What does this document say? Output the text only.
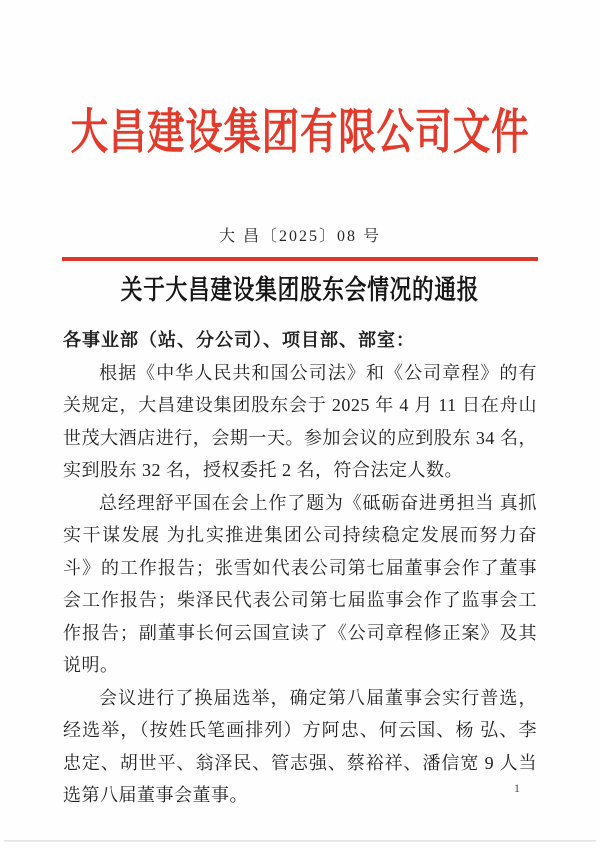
大昌建设集团有限公司文件
大 昌〔2025〕08 号
关于大昌建设集团股东会情况的通报

各事业部（站、分公司）、项目部、部室：

根据《中华人民共和国公司法》和《公司章程》的有关规定，大昌建设集团股东会于 2025 年 4 月 11 日在舟山世茂大酒店进行，会期一天。参加会议的应到股东 34 名，实到股东 32 名，授权委托 2 名，符合法定人数。

总经理舒平国在会上作了题为《砥砺奋进勇担当 真抓实干谋发展 为扎实推进集团公司持续稳定发展而努力奋斗》的工作报告；张雪如代表公司第七届董事会作了董事会工作报告；柴泽民代表公司第七届监事会作了监事会工作报告；副董事长何云国宣读了《公司章程修正案》及其说明。

会议进行了换届选举，确定第八届董事会实行普选，经选举，（按姓氏笔画排列）方阿忠、何云国、杨 弘、李忠定、胡世平、翁泽民、管志强、蔡裕祥、潘信宽 9 人当选第八届董事会董事。	1
